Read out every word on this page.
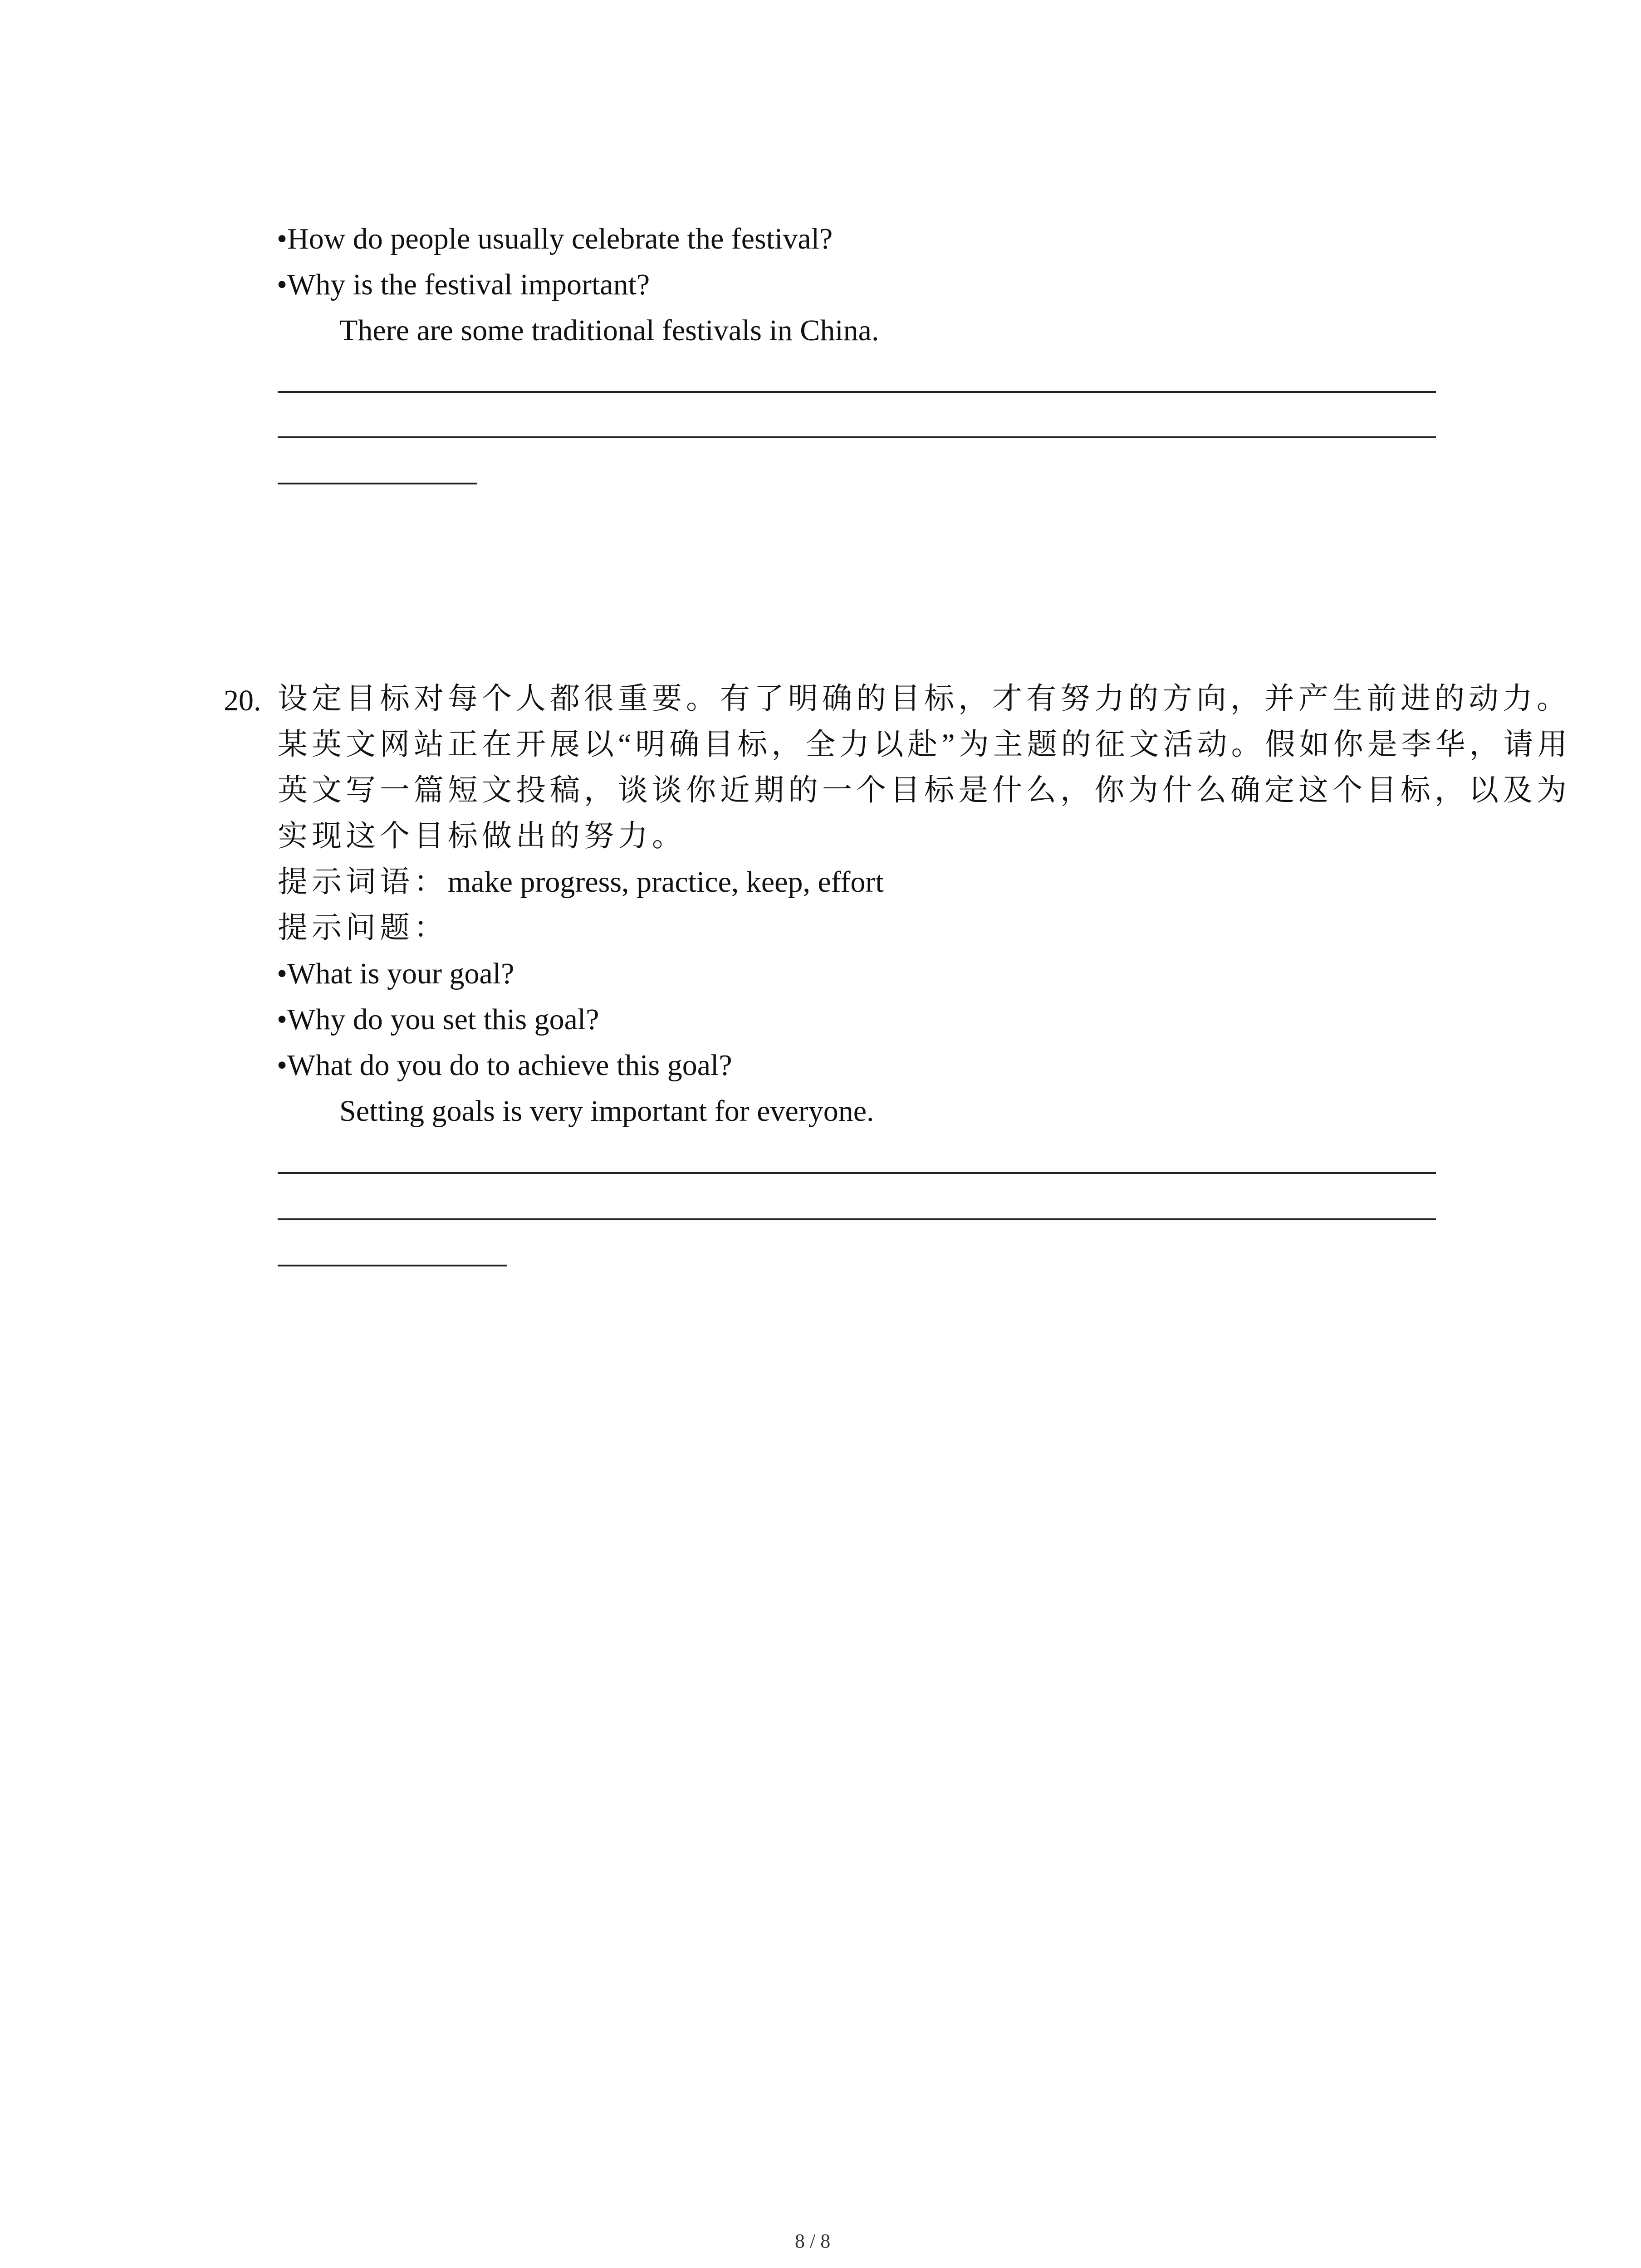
•How do people usually celebrate the festival?
•Why is the festival important?
There are some traditional festivals in China.
20. 设定目标对每个人都很重要。有了明确的目标，才有努力的方向，并产生前进的动力。
某英文网站正在开展以“明确目标，全力以赴”为主题的征文活动。假如你是李华，请用
英文写一篇短文投稿，谈谈你近期的一个目标是什么，你为什么确定这个目标，以及为
实现这个目标做出的努力。
提示词语：make progress, practice, keep, effort
提示问题：
•What is your goal?
•Why do you set this goal?
•What do you do to achieve this goal?
Setting goals is very important for everyone.
8 / 8
